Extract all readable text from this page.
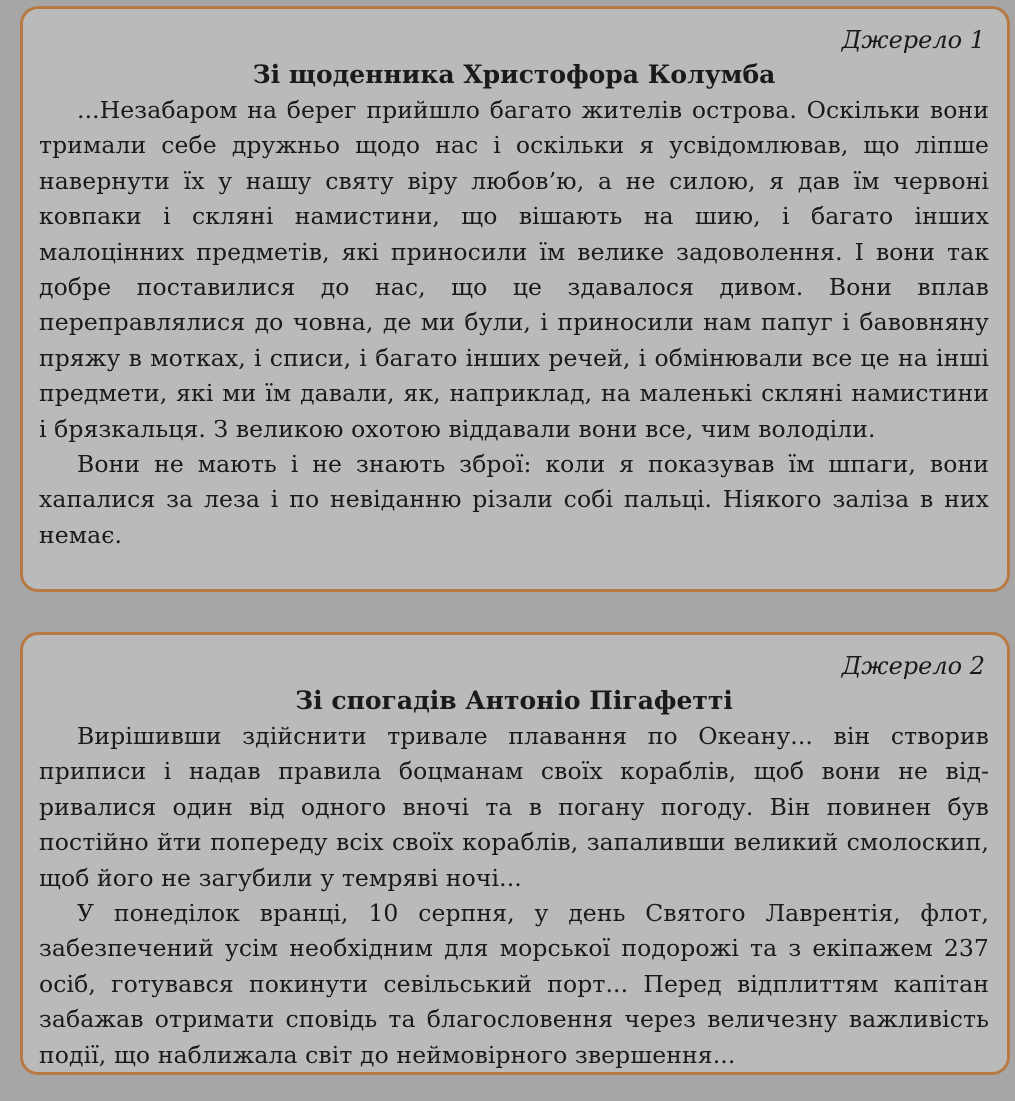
Джерело 1
Зі щоденника Христофора Колумба

...Незабаром на берег прийшло багато жителів острова. Оскільки вони тримали себе дружньо щодо нас і оскільки я усвідомлював, що ліпше навернути їх у нашу святу віру любов’ю, а не силою, я дав їм червоні ковпаки і скляні намистини, що вішають на шию, і багато інших малоцінних предметів, які приносили їм велике задоволення. І вони так добре поставилися до нас, що це здавалося дивом. Вони вплав переправлялися до човна, де ми були, і приносили нам папуг і бавовняну пряжу в мотках, і списи, і багато інших речей, і обмінювали все це на інші предмети, які ми їм давали, як, наприклад, на маленькі скляні намистини і брязкальця. З великою охотою віддавали вони все, чим володіли.

Вони не мають і не знають зброї: коли я показував їм шпаги, вони хапалися за леза і по невіданню різали собі пальці. Ніякого заліза в них немає.

Джерело 2
Зі спогадів Антоніо Пігафетті

Вирішивши здійснити тривале плавання по Океану... він створив приписи і надав правила боцманам своїх кораблів, щоб вони не відривалися один від одного вночі та в погану погоду. Він повинен був постійно йти попереду всіх своїх кораблів, запаливши великий смолоскип, щоб його не загубили у темряві ночі...

У понеділок вранці, 10 серпня, у день Святого Лаврентія, флот, забезпечений усім необхідним для морської подорожі та з екіпажем 237 осіб, готувався покинути севільський порт... Перед відплиттям капітан забажав отримати сповідь та благословення через величезну важливість події, що наближала світ до неймовірного звершення...
